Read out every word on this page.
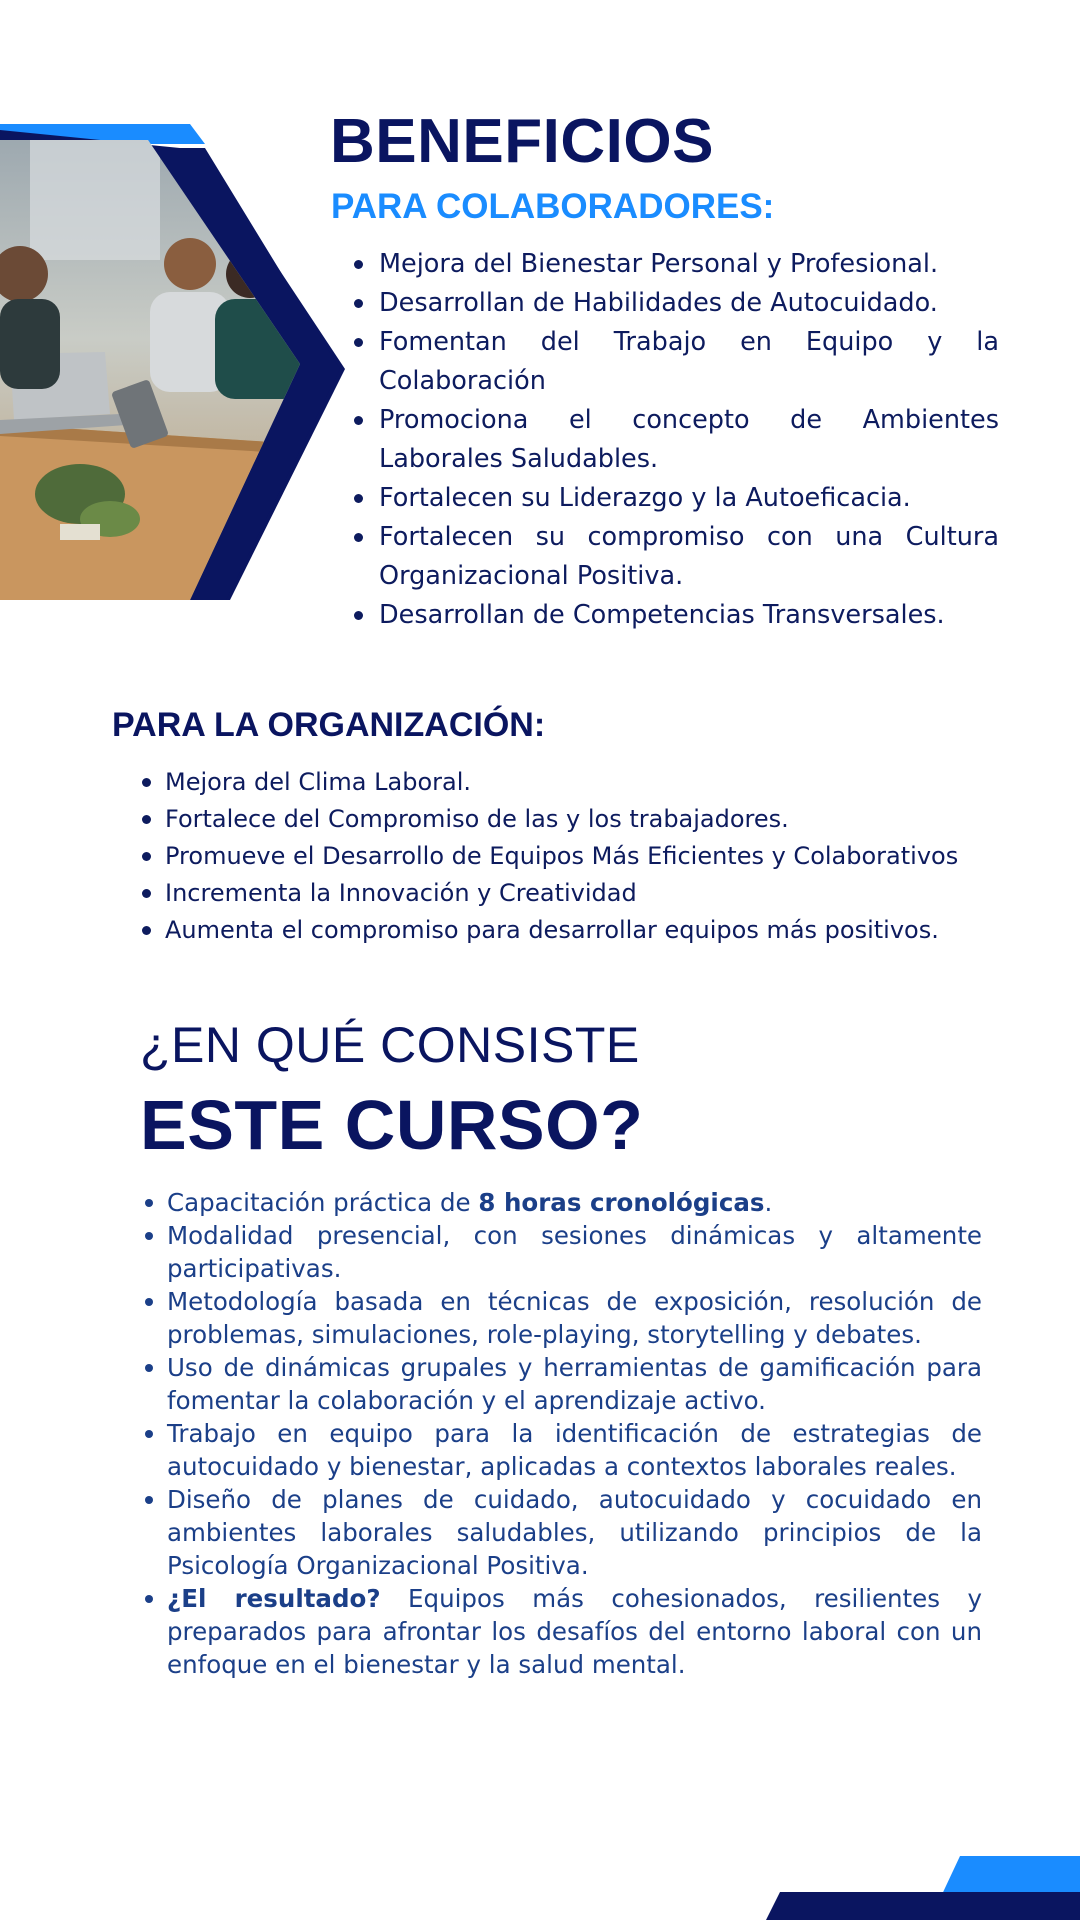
BENEFICIOS
PARA COLABORADORES:
Mejora del Bienestar Personal y Profesional.
Desarrollan de Habilidades de Autocuidado.
Fomentan del Trabajo en Equipo y la Colaboración
Promociona el concepto de Ambientes Laborales Saludables.
Fortalecen su Liderazgo y la Autoeficacia.
Fortalecen su compromiso con una Cultura Organizacional Positiva.
Desarrollan de Competencias Transversales.
PARA LA ORGANIZACIÓN:
Mejora del Clima Laboral.
Fortalece del Compromiso de las y los trabajadores.
Promueve el Desarrollo de Equipos Más Eficientes y Colaborativos
Incrementa la Innovación y Creatividad
Aumenta el compromiso para desarrollar equipos más positivos.
¿EN QUÉ CONSISTE
ESTE CURSO?
Capacitación práctica de 8 horas cronológicas.
Modalidad presencial, con sesiones dinámicas y altamente participativas.
Metodología basada en técnicas de exposición, resolución de problemas, simulaciones, role-playing, storytelling y debates.
Uso de dinámicas grupales y herramientas de gamificación para fomentar la colaboración y el aprendizaje activo.
Trabajo en equipo para la identificación de estrategias de autocuidado y bienestar, aplicadas a contextos laborales reales.
Diseño de planes de cuidado, autocuidado y cocuidado en ambientes laborales saludables, utilizando principios de la Psicología Organizacional Positiva.
¿El resultado? Equipos más cohesionados, resilientes y preparados para afrontar los desafíos del entorno laboral con un enfoque en el bienestar y la salud mental.
